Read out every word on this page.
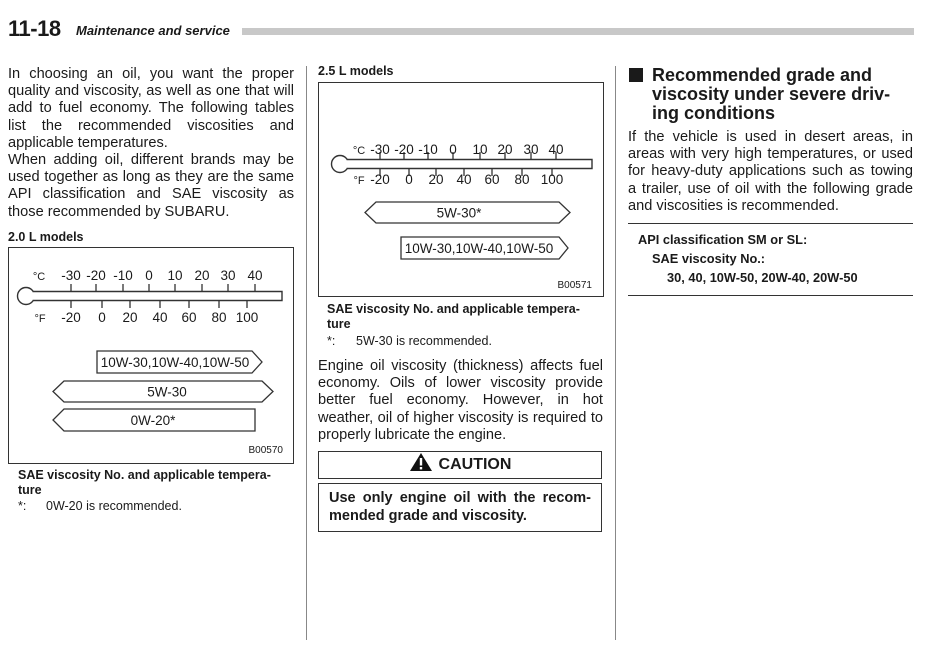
11-18 Maintenance and service

In choosing an oil, you want the proper quality and viscosity, as well as one that will add to fuel economy. The following tables list the recommended viscosities and applicable temperatures.

When adding oil, different brands may be used together as long as they are the same API classification and SAE viscosity as those recommended by SUBARU.

2.0 L models
°C -30 -20 -10 0 10 20 30 40
°F -20 0 20 40 60 80 100
10W-30,10W-40,10W-50
5W-30
0W-20*
B00570
SAE viscosity No. and applicable tempera-ture
*: 0W-20 is recommended.
2.5 L models
°C -30 -20 -10 0 10 20 30 40
°F -20 0 20 40 60 80 100
5W-30*
10W-30,10W-40,10W-50
B00571
SAE viscosity No. and applicable tempera-ture
*: 5W-30 is recommended.
Engine oil viscosity (thickness) affects fuel economy. Oils of lower viscosity provide better fuel economy. However, in hot weather, oil of higher viscosity is required to properly lubricate the engine.
CAUTION
Use only engine oil with the recom-mended grade and viscosity.
Recommended grade and viscosity under severe driv-ing conditions
If the vehicle is used in desert areas, in areas with very high temperatures, or used for heavy-duty applications such as towing a trailer, use of oil with the following grade and viscosities is recommended.
API classification SM or SL:
SAE viscosity No.:
30, 40, 10W-50, 20W-40, 20W-50
